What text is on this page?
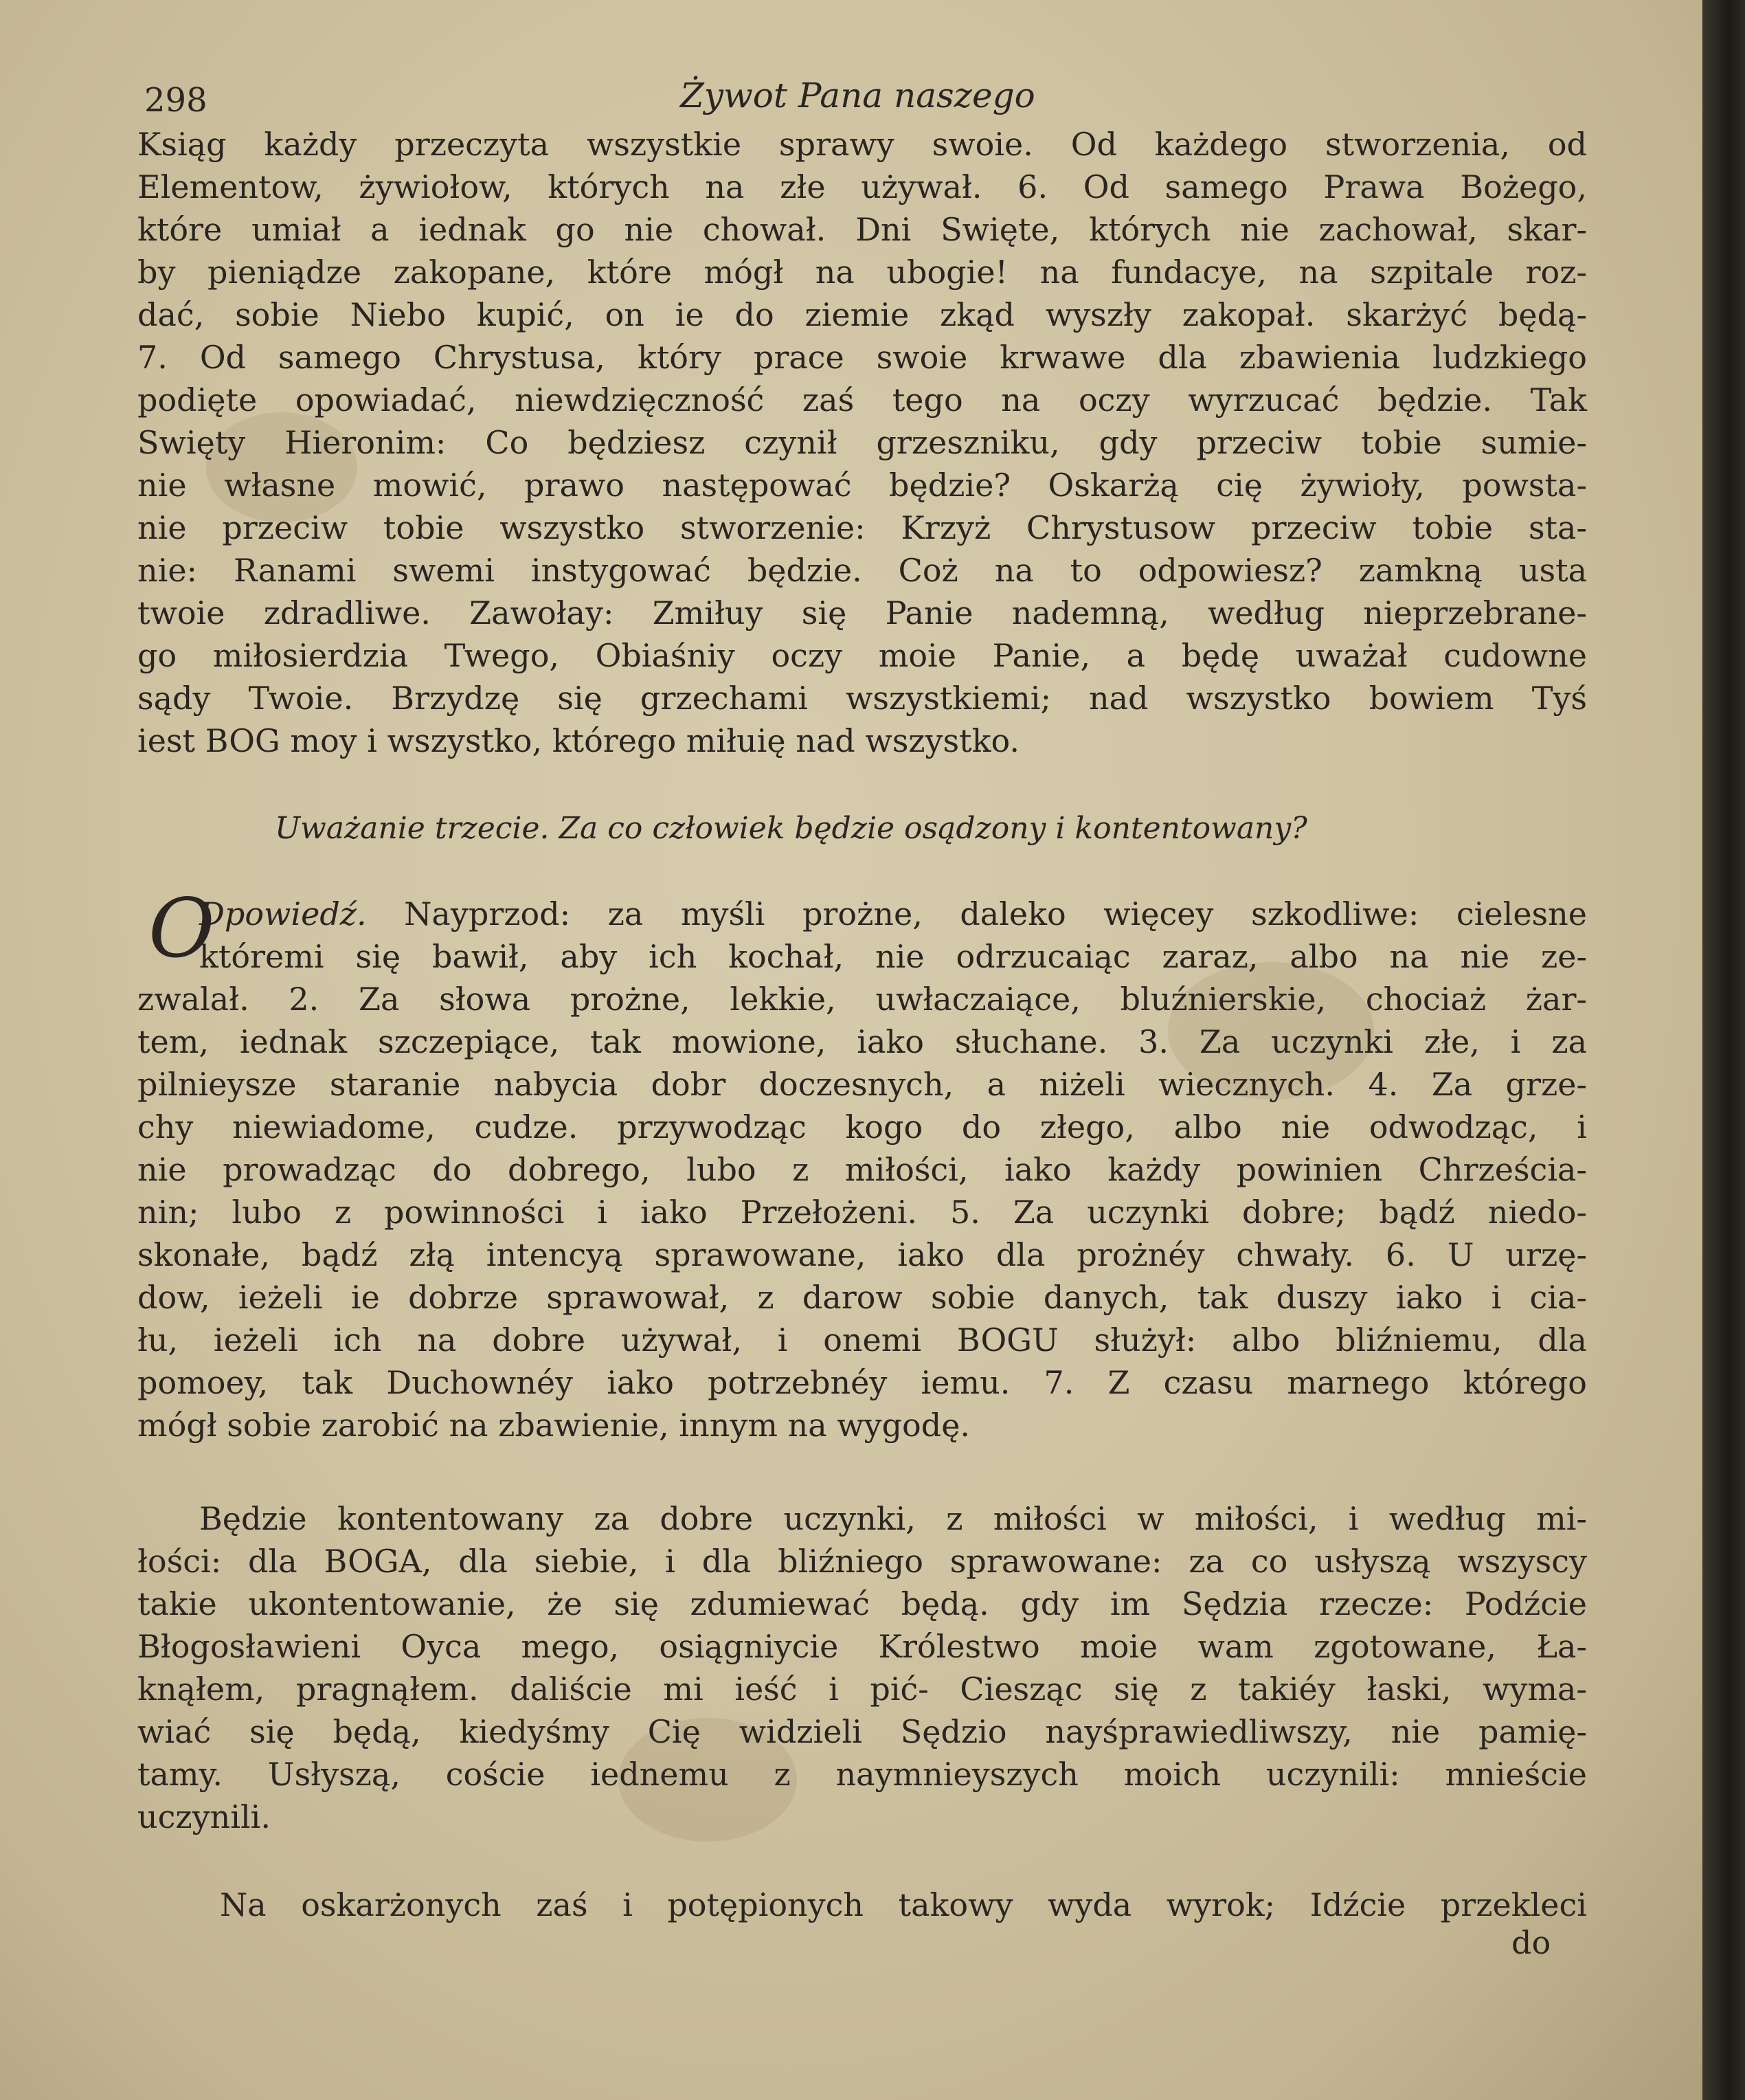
298	Żywot Pana naszego

Ksiąg każdy przeczyta wszystkie sprawy swoie. Od każdego stworzenia, od

Elementow, żywiołow, których na złe używał. 6. Od samego Prawa Bożego,

które umiał a iednak go nie chował. Dni Swięte, których nie zachował, skar-

by pieniądze zakopane, które mógł na ubogie! na fundacye, na szpitale roz-

dać, sobie Niebo kupić, on ie do ziemie zkąd wyszły zakopał. skarżyć będą-

7. Od samego Chrystusa, który prace swoie krwawe dla zbawienia ludzkiego

podięte opowiadać, niewdzięczność zaś tego na oczy wyrzucać będzie. Tak

Swięty Hieronim: Co będziesz czynił grzeszniku, gdy przeciw tobie sumie-

nie własne mowić, prawo następować będzie? Oskarżą cię żywioły, powsta-

nie przeciw tobie wszystko stworzenie: Krzyż Chrystusow przeciw tobie sta-

nie: Ranami swemi instygować będzie. Coż na to odpowiesz? zamkną usta

twoie zdradliwe. Zawołay: Zmiłuy się Panie nademną, według nieprzebrane-

go miłosierdzia Twego, Obiaśniy oczy moie Panie, a będę uważał cudowne

sądy Twoie. Brzydzę się grzechami wszystkiemi; nad wszystko bowiem Tyś

iest BOG moy i wszystko, którego miłuię nad wszystko.

Uważanie trzecie. Za co człowiek będzie osądzony i kontentowany?

O

Dpowiedź. Nayprzod: za myśli prożne, daleko więcey szkodliwe: cielesne

któremi się bawił, aby ich kochał, nie odrzucaiąc zaraz, albo na nie ze-

zwalał. 2. Za słowa prożne, lekkie, uwłaczaiące, bluźnierskie, chociaż żar-

tem, iednak szczepiące, tak mowione, iako słuchane. 3. Za uczynki złe, i za

pilnieysze staranie nabycia dobr doczesnych, a niżeli wiecznych. 4. Za grze-

chy niewiadome, cudze. przywodząc kogo do złego, albo nie odwodząc, i

nie prowadząc do dobrego, lubo z miłości, iako każdy powinien Chrześcia-

nin; lubo z powinności i iako Przełożeni. 5. Za uczynki dobre; bądź niedo-

skonałe, bądź złą intencyą sprawowane, iako dla prożnéy chwały. 6. U urzę-

dow, ieżeli ie dobrze sprawował, z darow sobie danych, tak duszy iako i cia-

łu, ieżeli ich na dobre używał, i onemi BOGU służył: albo bliźniemu, dla

pomoey, tak Duchownéy iako potrzebnéy iemu. 7. Z czasu marnego którego

mógł sobie zarobić na zbawienie, innym na wygodę.

Będzie kontentowany za dobre uczynki, z miłości w miłości, i według mi-

łości: dla BOGA, dla siebie, i dla bliźniego sprawowane: za co usłyszą wszyscy

takie ukontentowanie, że się zdumiewać będą. gdy im Sędzia rzecze: Podźcie

Błogosławieni Oyca mego, osiągniycie Królestwo moie wam zgotowane, Ła-

knąłem, pragnąłem. daliście mi ieść i pić- Ciesząc się z takiéy łaski, wyma-

wiać się będą, kiedyśmy Cię widzieli Sędzio nayśprawiedliwszy, nie pamię-

tamy. Usłyszą, coście iednemu z naymnieyszych moich uczynili: mnieście

uczynili.

Na oskarżonych zaś i potępionych takowy wyda wyrok; Idźcie przekleci

do
